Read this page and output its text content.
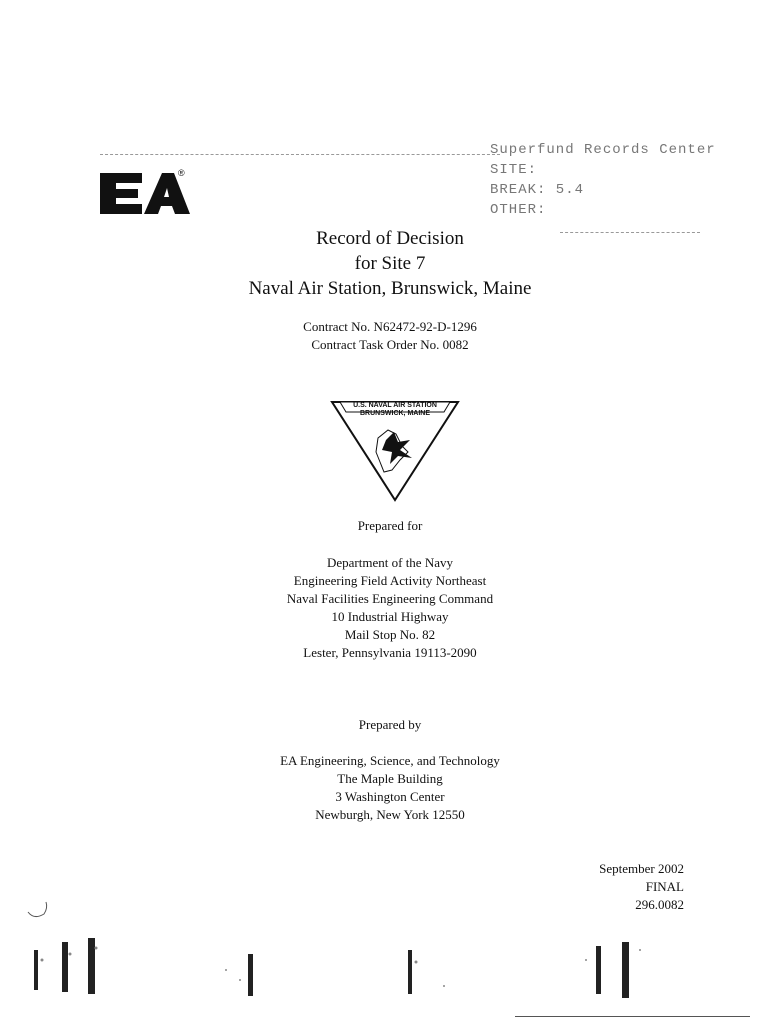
®
Superfund Records Center
SITE:
BREAK: 5.4
OTHER:
Record of Decision
for Site 7
Naval Air Station, Brunswick, Maine
Contract No. N62472-92-D-1296
Contract Task Order No. 0082
U.S. NAVAL AIR STATION
BRUNSWICK, MAINE
Prepared for
Department of the Navy
Engineering Field Activity Northeast
Naval Facilities Engineering Command
10 Industrial Highway
Mail Stop No. 82
Lester, Pennsylvania 19113-2090
Prepared by
EA Engineering, Science, and Technology
The Maple Building
3 Washington Center
Newburgh, New York 12550
September 2002
FINAL
296.0082
